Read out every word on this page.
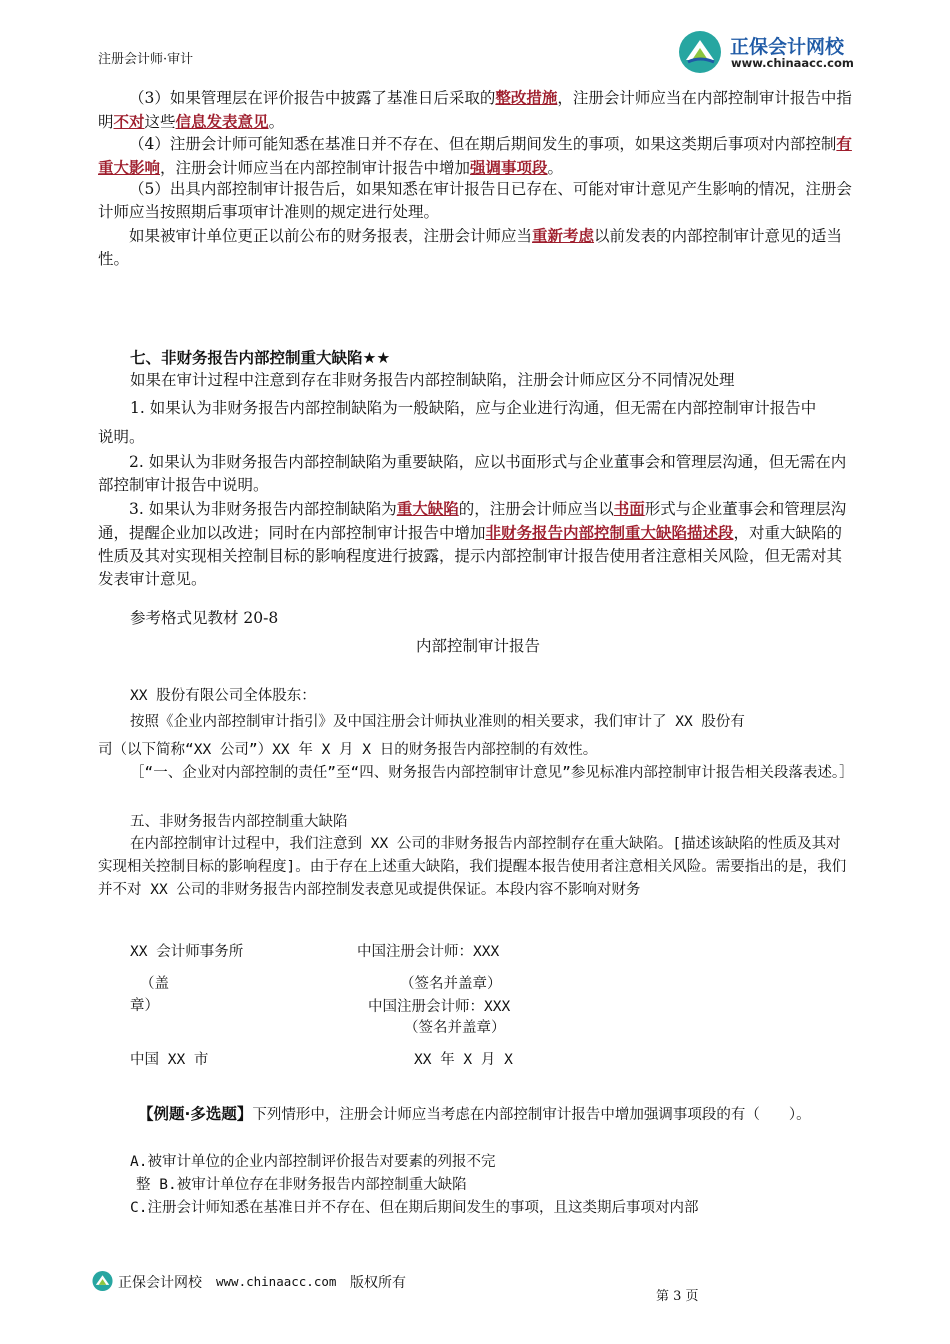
注册会计师·审计
正保会计网校
www.chinaacc.com
（3）如果管理层在评价报告中披露了基准日后采取的整改措施，注册会计师应当在内部控制审计报告中指明不对这些信息发表意见。
（4）注册会计师可能知悉在基准日并不存在、但在期后期间发生的事项，如果这类期后事项对内部控制有重大影响，注册会计师应当在内部控制审计报告中增加强调事项段。
（5）出具内部控制审计报告后，如果知悉在审计报告日已存在、可能对审计意见产生影响的情况，注册会计师应当按照期后事项审计准则的规定进行处理。
如果被审计单位更正以前公布的财务报表，注册会计师应当重新考虑以前发表的内部控制审计意见的适当性。
七、非财务报告内部控制重大缺陷★★
如果在审计过程中注意到存在非财务报告内部控制缺陷，注册会计师应区分不同情况处理
1. 如果认为非财务报告内部控制缺陷为一般缺陷，应与企业进行沟通，但无需在内部控制审计报告中
说明。
2. 如果认为非财务报告内部控制缺陷为重要缺陷，应以书面形式与企业董事会和管理层沟通，但无需在内部控制审计报告中说明。
3. 如果认为非财务报告内部控制缺陷为重大缺陷的，注册会计师应当以书面形式与企业董事会和管理层沟通，提醒企业加以改进；同时在内部控制审计报告中增加非财务报告内部控制重大缺陷描述段，对重大缺陷的性质及其对实现相关控制目标的影响程度进行披露，提示内部控制审计报告使用者注意相关风险，但无需对其发表审计意见。
参考格式见教材 20-8
内部控制审计报告
XX 股份有限公司全体股东：
按照《企业内部控制审计指引》及中国注册会计师执业准则的相关要求，我们审计了 XX 股份有
司（以下简称“XX 公司”）XX 年 X 月 X 日的财务报告内部控制的有效性。
［“一、企业对内部控制的责任”至“四、财务报告内部控制审计意见”参见标准内部控制审计报告相关段落表述。］
五、非财务报告内部控制重大缺陷
在内部控制审计过程中，我们注意到 XX 公司的非财务报告内部控制存在重大缺陷。[描述该缺陷的性质及其对实现相关控制目标的影响程度]。由于存在上述重大缺陷，我们提醒本报告使用者注意相关风险。需要指出的是，我们并不对 XX 公司的非财务报告内部控制发表意见或提供保证。本段内容不影响对财务
XX 会计师事务所	中国注册会计师：XXX
（盖
章）
（签名并盖章）
中国注册会计师：XXX
（签名并盖章）
中国 XX 市	XX 年 X 月 X
【例题·多选题】下列情形中，注册会计师应当考虑在内部控制审计报告中增加强调事项段的有（　　）。
A.被审计单位的企业内部控制评价报告对要素的列报不完
整 B.被审计单位存在非财务报告内部控制重大缺陷
C.注册会计师知悉在基准日并不存在、但在期后期间发生的事项，且这类期后事项对内部
正保会计网校 www.chinaacc.com 版权所有
第 3 页
